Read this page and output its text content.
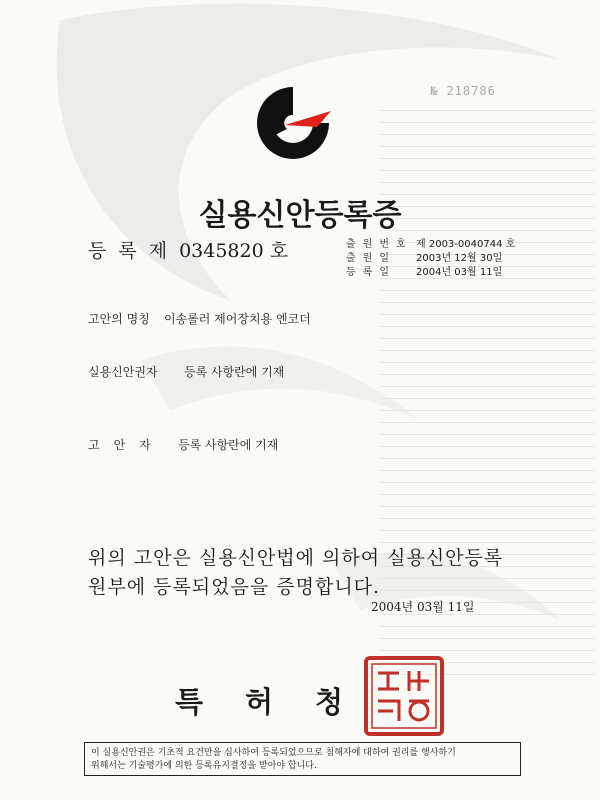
№ 218786
실용신안등록증
등록제0345820 호	출원번호	제 2003-0040744 호
출원일	2003년 12월 30일
등록일	2004년 03월 11일
고안의 명칭 이송롤러 제어장치용 엔코더
실용신안권자 등록 사항란에 기재
고안자 등록 사항란에 기재
위의 고안은 실용신안법에 의하여 실용신안등록
원부에 등록되었음을 증명합니다.
2004년 03월 11일
특허청
이 실용신안권은 기초적 요건만을 심사하여 등록되었으므로 침해자에 대하여 권리를 행사하기
위해서는 기술평가에 의한 등록유지결정을 받아야 합니다.
